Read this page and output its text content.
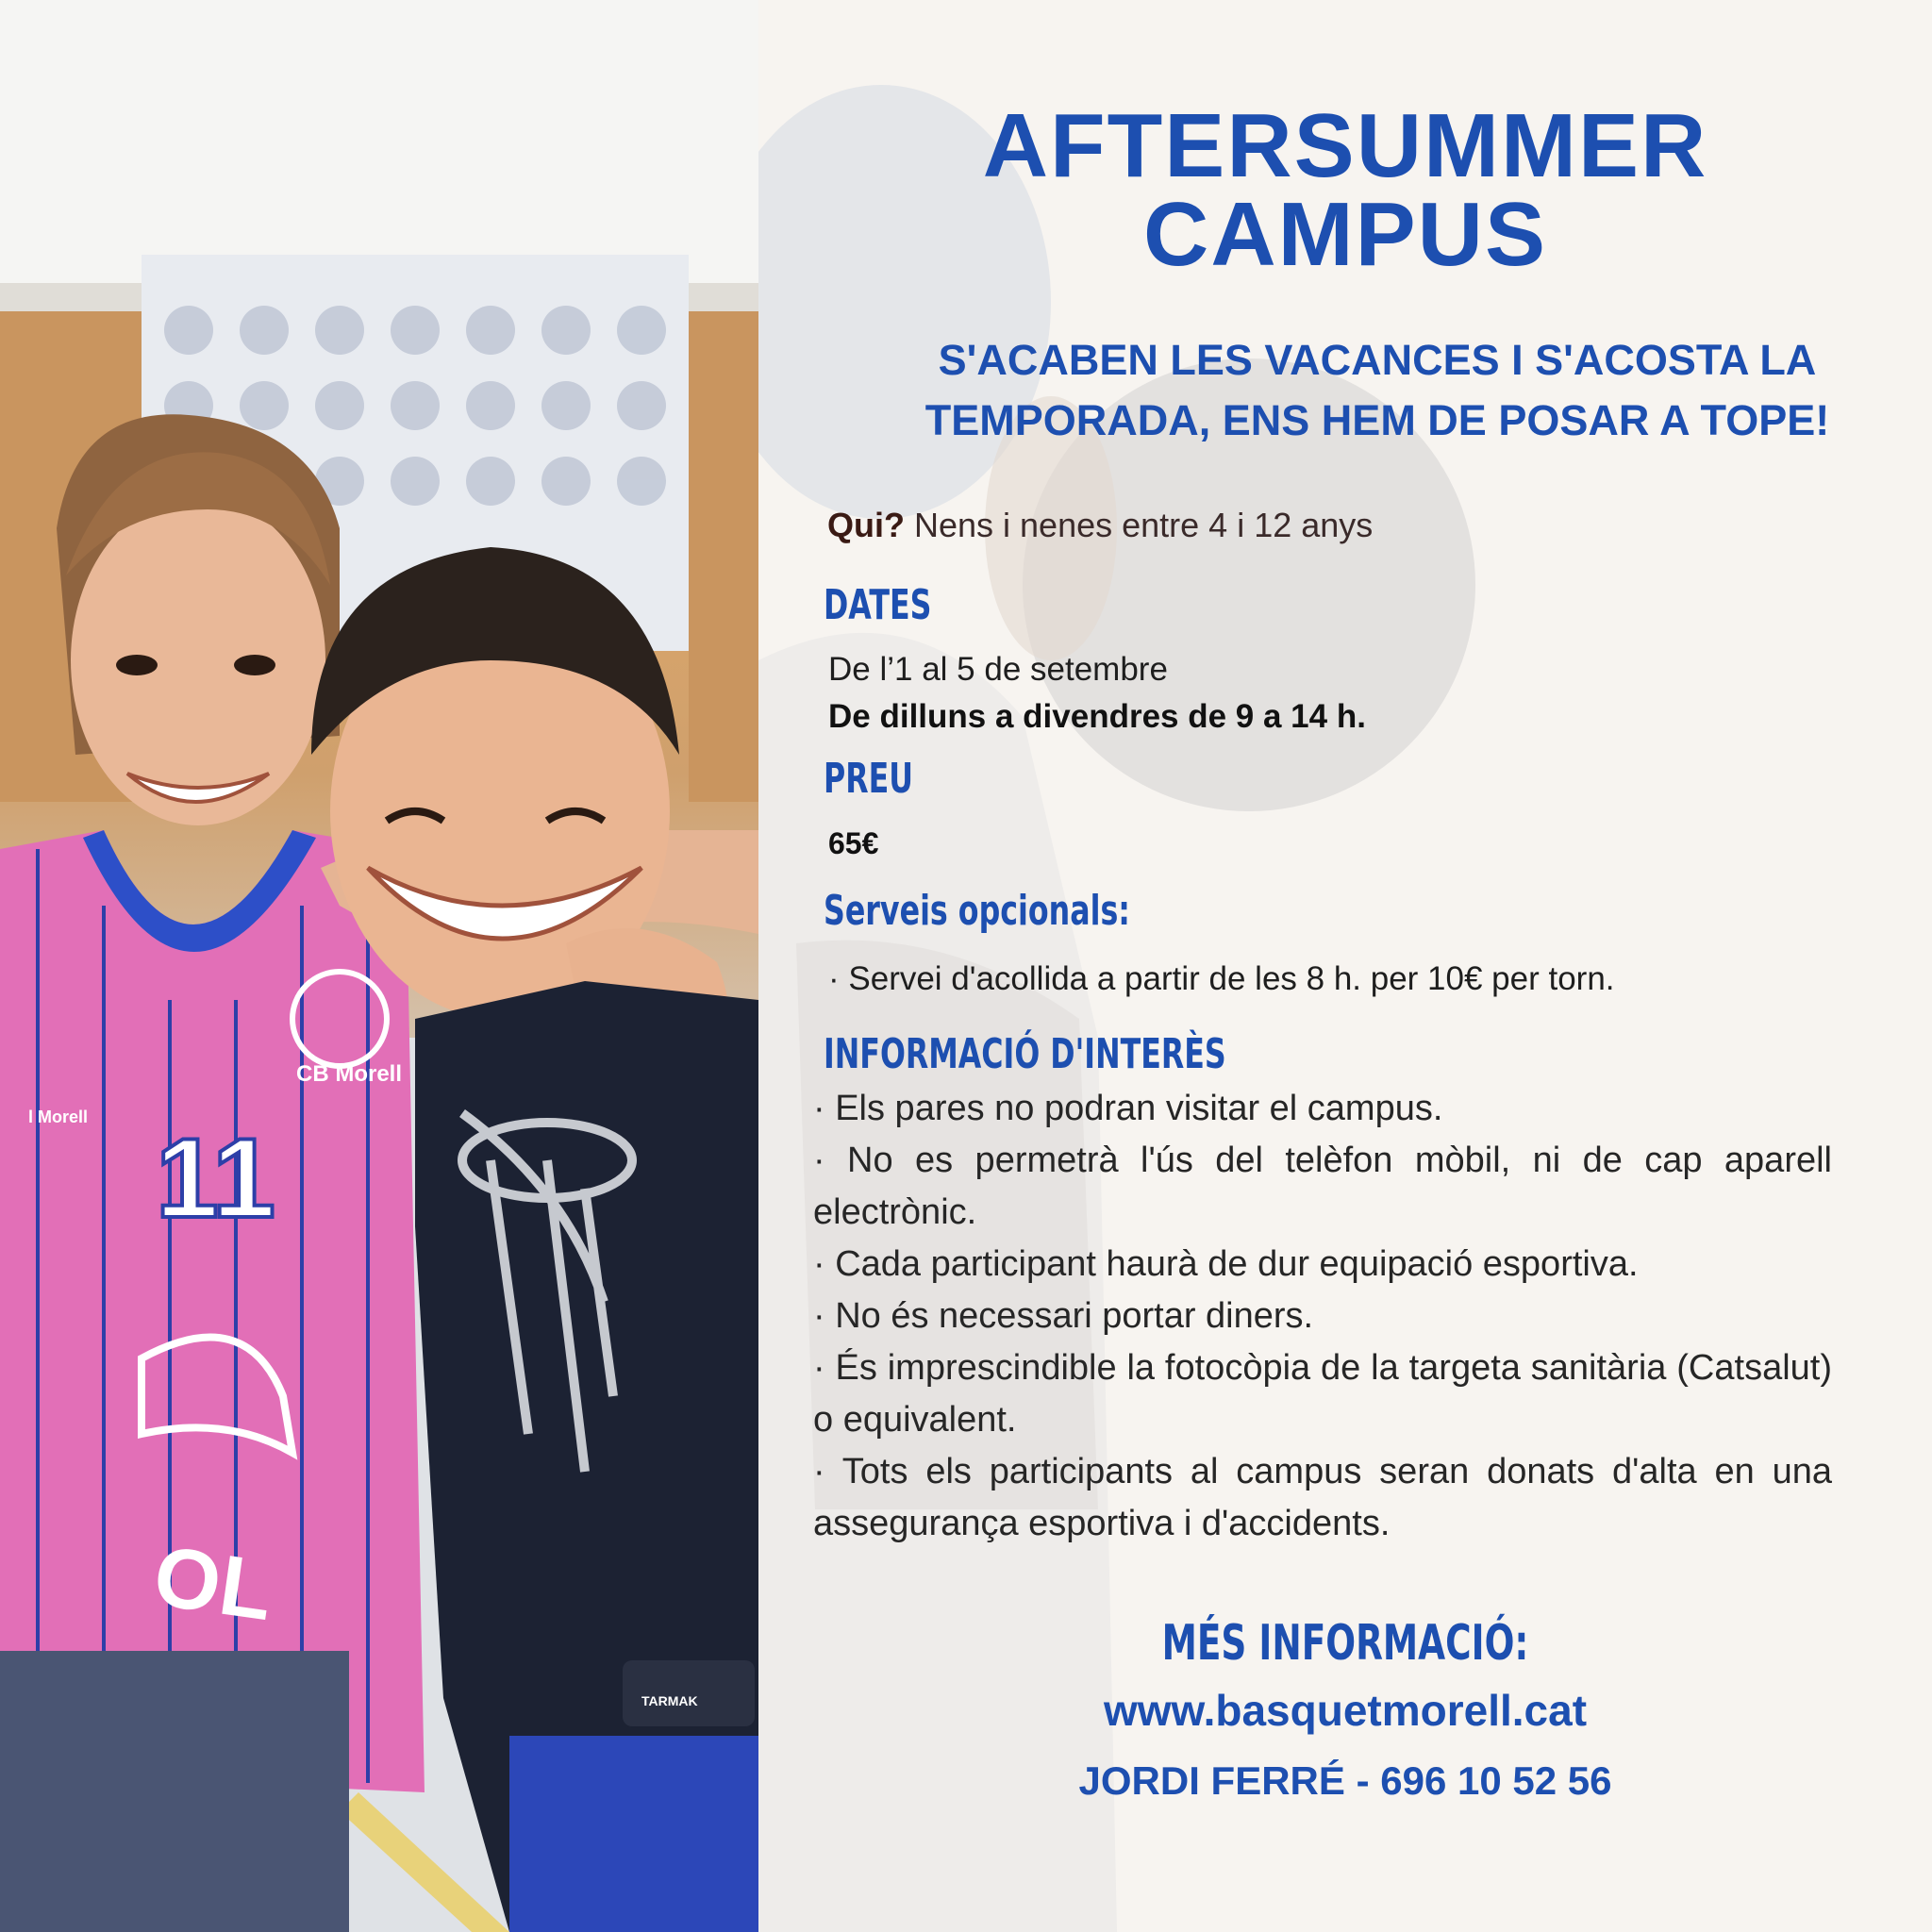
11
CB Morell
l Morell
OL
TARMAK
AFTERSUMMER
CAMPUS
S'ACABEN LES VACANCES I S'ACOSTA LA
TEMPORADA, ENS HEM DE POSAR A TOPE!
Qui? Nens i nenes entre 4 i 12 anys
DATES
De l’1 al 5 de setembre
De dilluns a divendres de 9 a 14 h.
PREU
65€
Serveis opcionals:
· Servei d'acollida a partir de les 8 h. per 10€ per torn.
INFORMACIÓ D'INTERÈS

· Els pares no podran visitar el campus.

· No es permetrà l'ús del telèfon mòbil, ni de cap aparell electrònic.

· Cada participant haurà de dur equipació esportiva.

· No és necessari portar diners.

· És imprescindible la fotocòpia de la targeta sanitària (Catsalut) o equivalent.

· Tots els participants al campus seran donats d'alta en una assegurança esportiva i d'accidents.

MÉS INFORMACIÓ:
www.basquetmorell.cat
JORDI FERRÉ - 696 10 52 56
